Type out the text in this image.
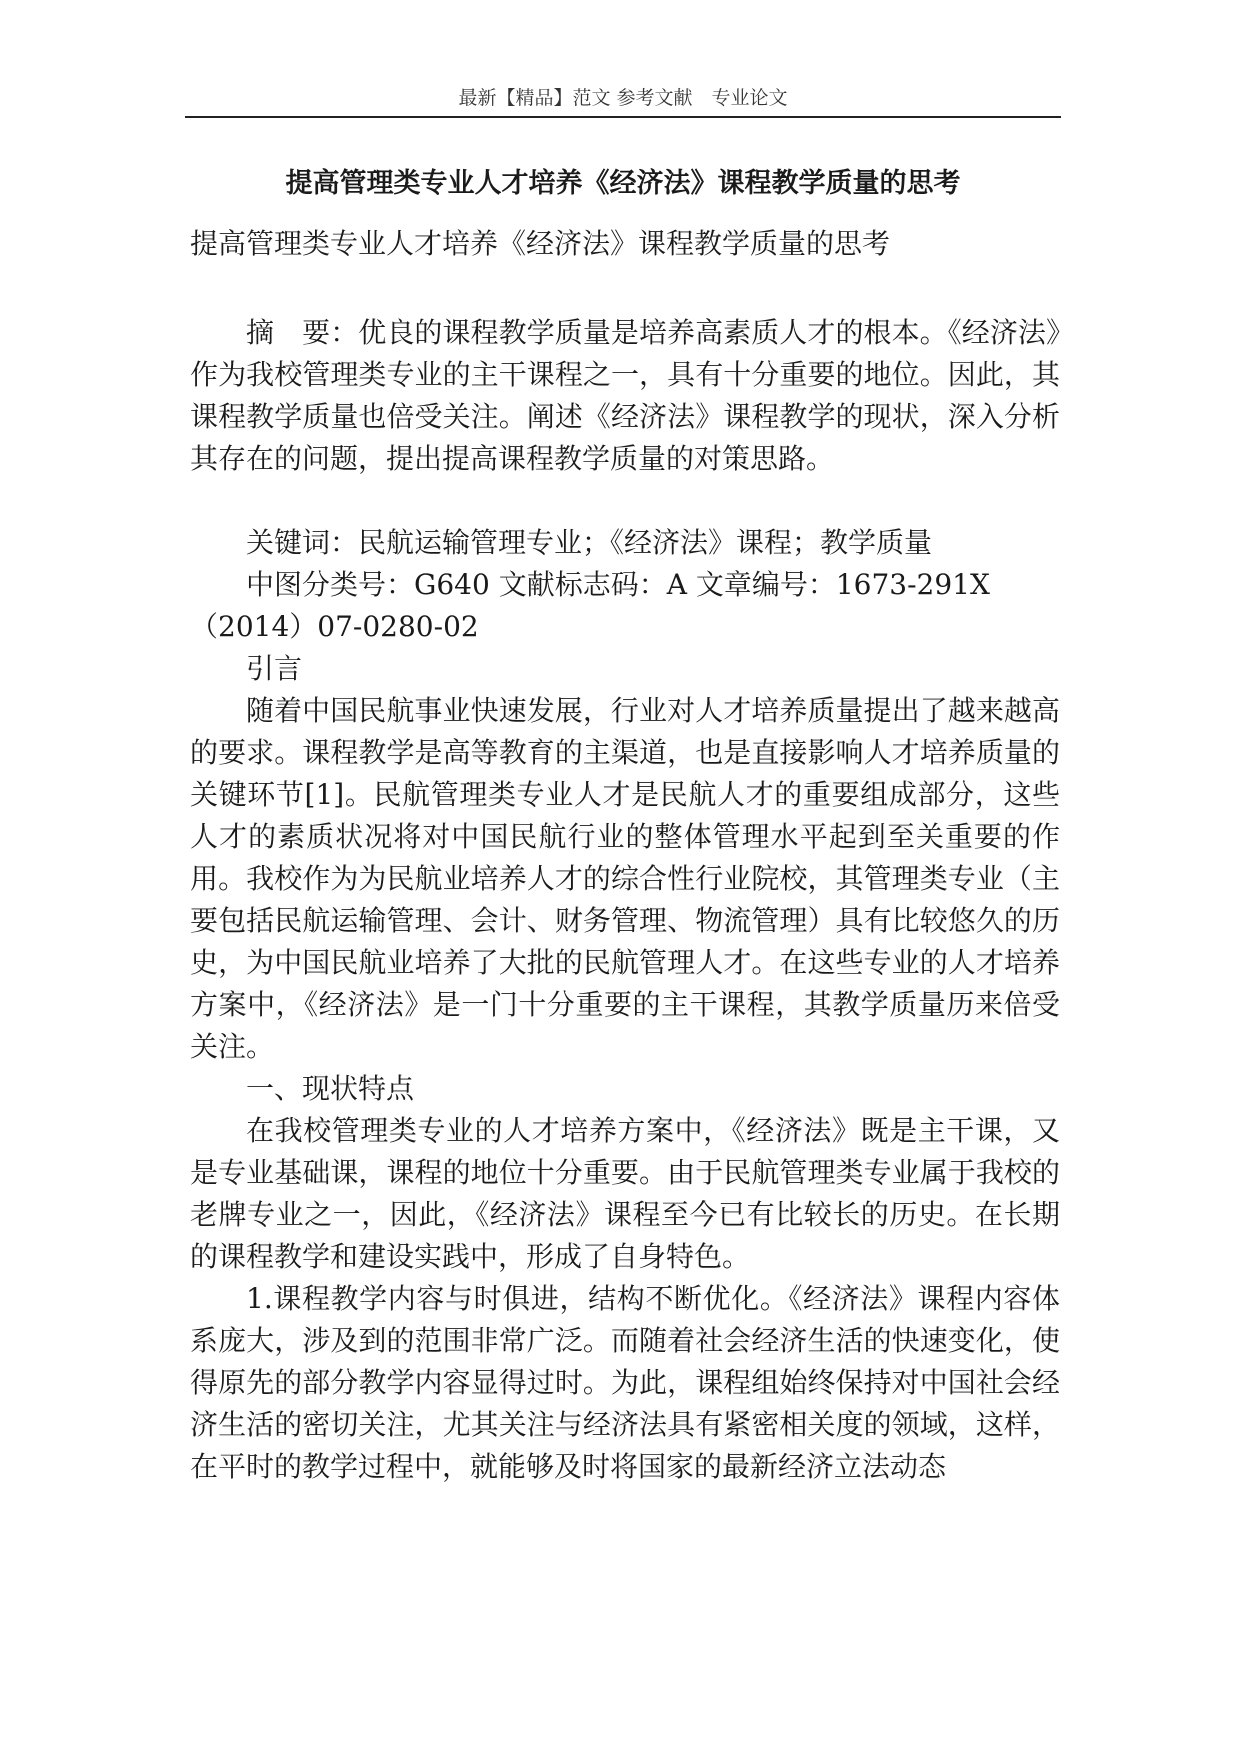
最新【精品】范文 参考文献　专业论文
提高管理类专业人才培养《经济法》课程教学质量的思考
提高管理类专业人才培养《经济法》课程教学质量的思考

摘　要：优良的课程教学质量是培养高素质人才的根本。《经济法》作为我校管理类专业的主干课程之一，具有十分重要的地位。因此，其课程教学质量也倍受关注。阐述《经济法》课程教学的现状，深入分析其存在的问题，提出提高课程教学质量的对策思路。

关键词：民航运输管理专业；《经济法》课程；教学质量

中图分类号：G640 文献标志码：A 文章编号：1673-291X

（2014）07-0280-02

引言

随着中国民航事业快速发展，行业对人才培养质量提出了越来越高的要求。课程教学是高等教育的主渠道，也是直接影响人才培养质量的关键环节[1]。民航管理类专业人才是民航人才的重要组成部分，这些人才的素质状况将对中国民航行业的整体管理水平起到至关重要的作用。我校作为为民航业培养人才的综合性行业院校，其管理类专业（主要包括民航运输管理、会计、财务管理、物流管理）具有比较悠久的历史，为中国民航业培养了大批的民航管理人才。在这些专业的人才培养方案中，《经济法》是一门十分重要的主干课程，其教学质量历来倍受关注。

一、现状特点

在我校管理类专业的人才培养方案中，《经济法》既是主干课，又是专业基础课，课程的地位十分重要。由于民航管理类专业属于我校的老牌专业之一，因此，《经济法》课程至今已有比较长的历史。在长期的课程教学和建设实践中，形成了自身特色。

1.课程教学内容与时俱进，结构不断优化。《经济法》课程内容体系庞大，涉及到的范围非常广泛。而随着社会经济生活的快速变化，使得原先的部分教学内容显得过时。为此，课程组始终保持对中国社会经济生活的密切关注，尤其关注与经济法具有紧密相关度的领域，这样，在平时的教学过程中，就能够及时将国家的最新经济立法动态
